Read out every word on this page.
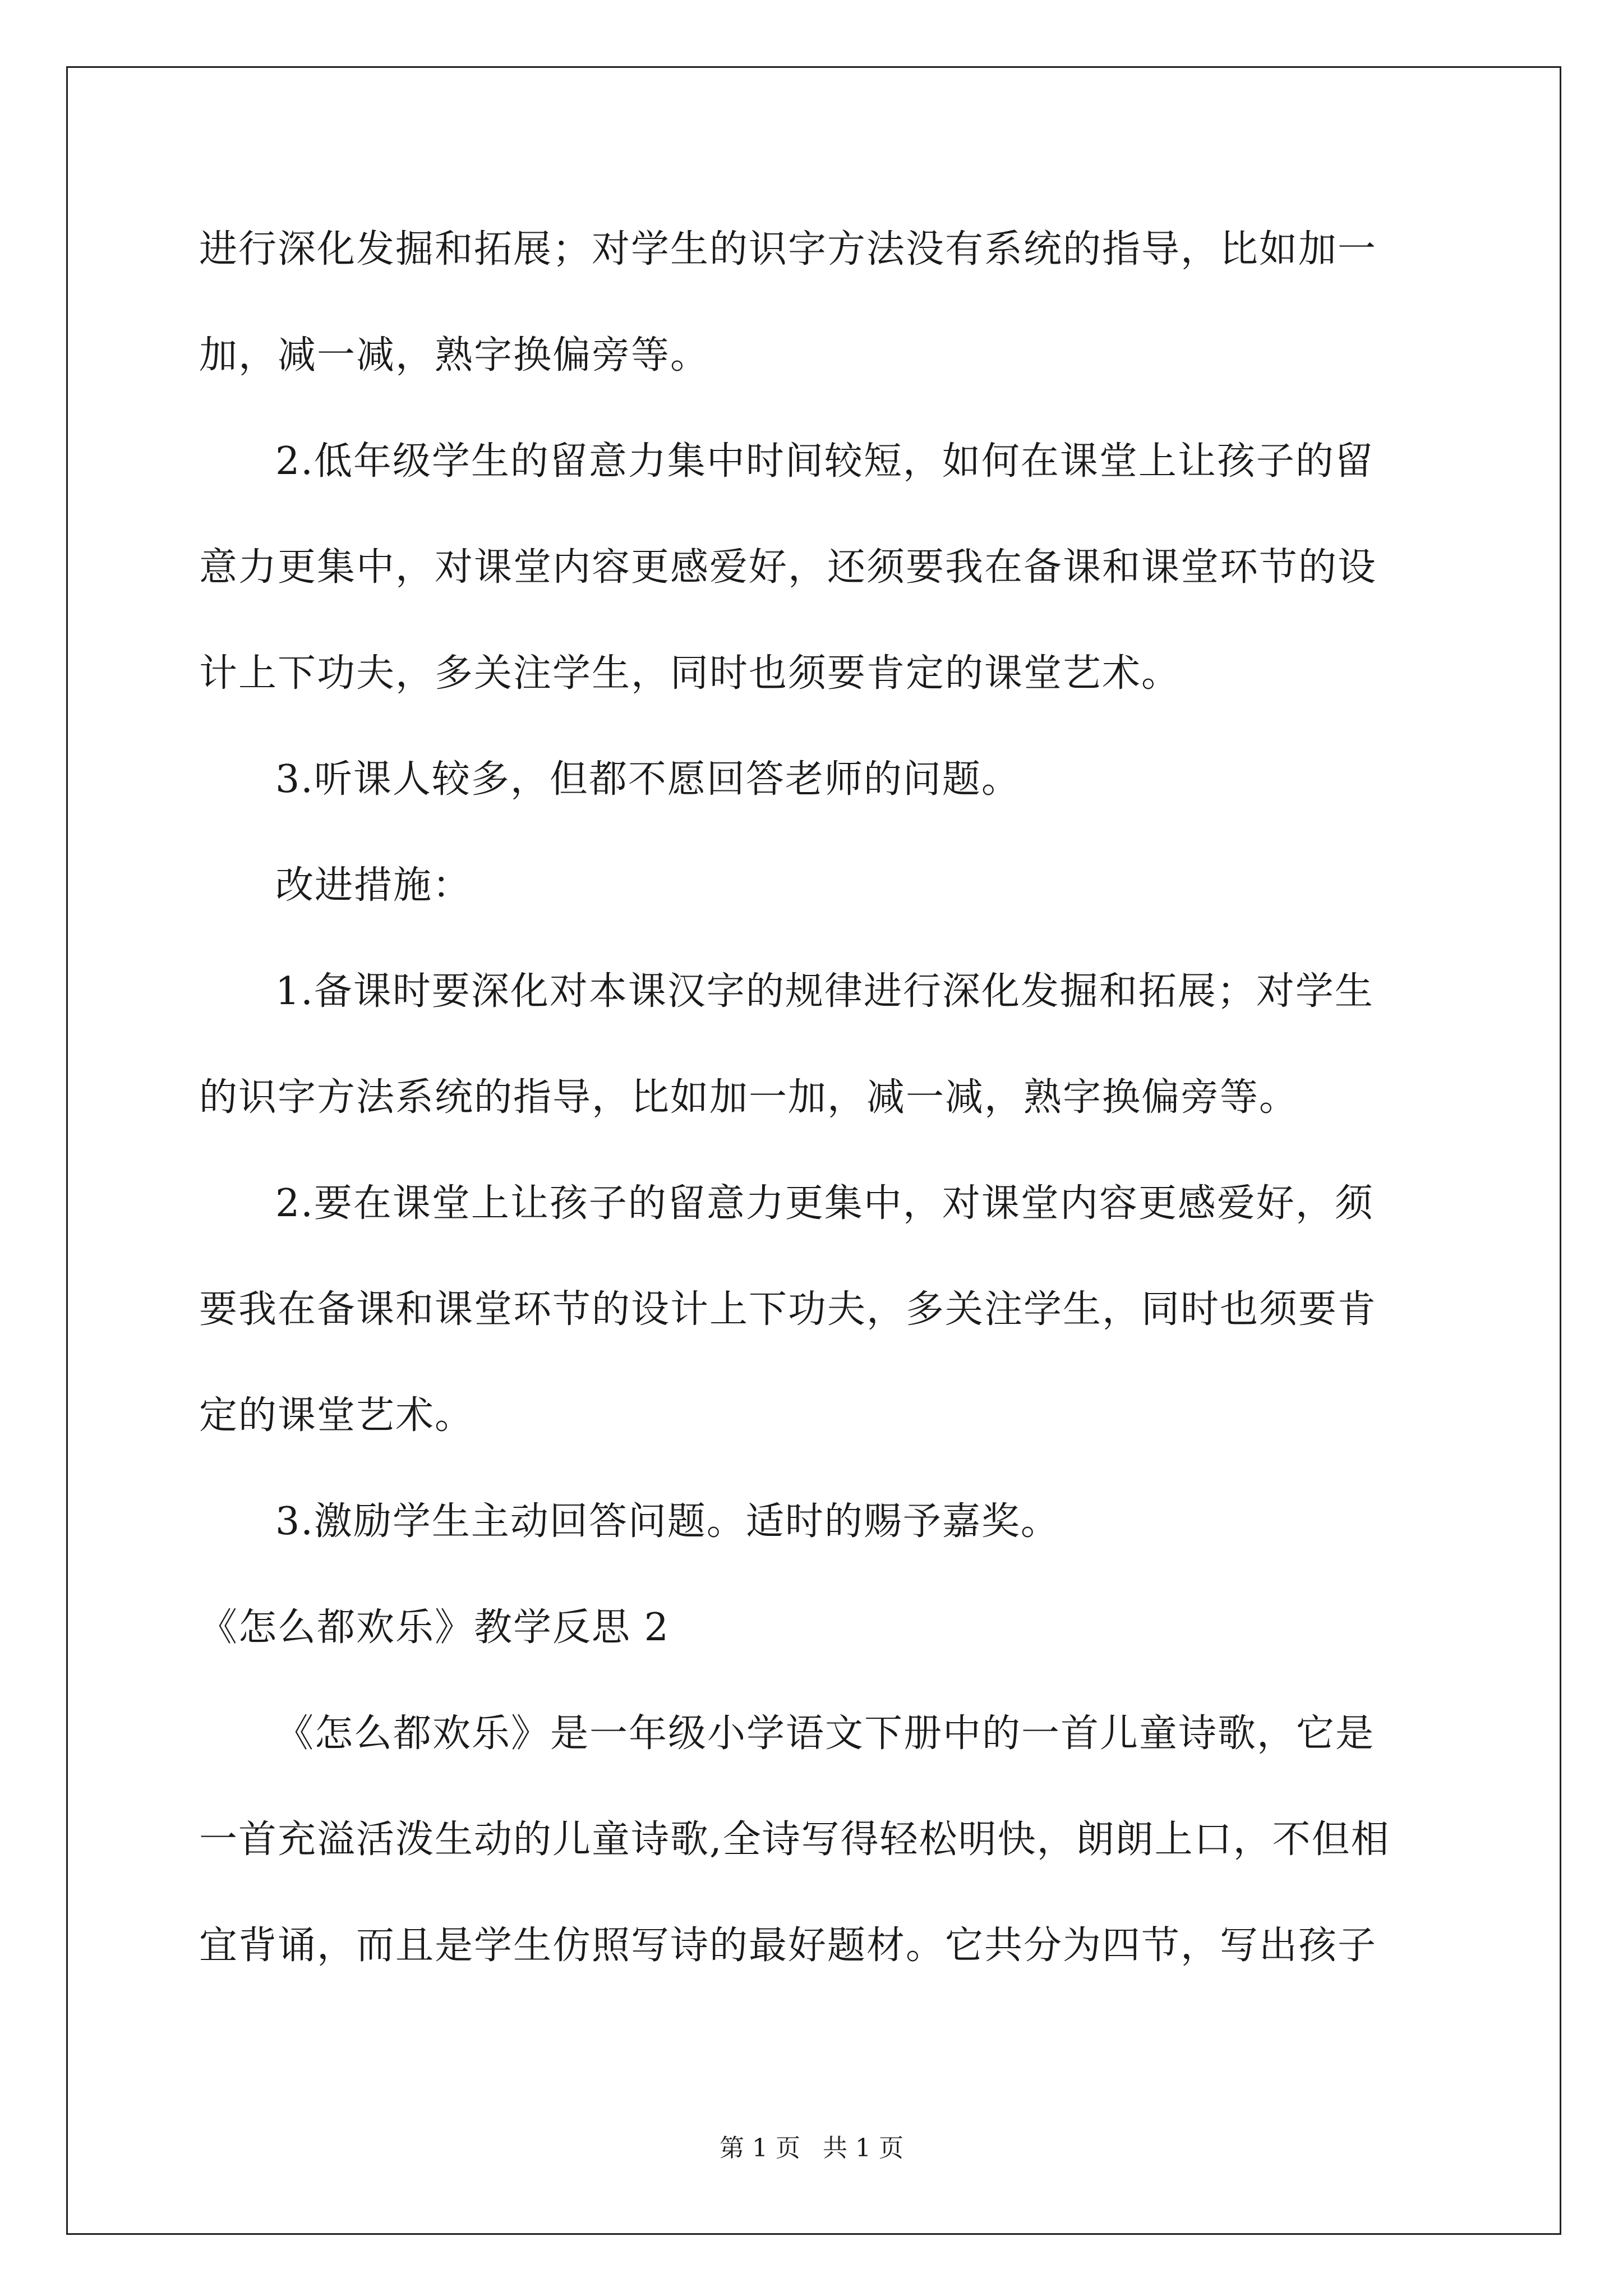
进行深化发掘和拓展；对学生的识字方法没有系统的指导，比如加一
加，减一减，熟字换偏旁等。
2.低年级学生的留意力集中时间较短，如何在课堂上让孩子的留
意力更集中，对课堂内容更感爱好，还须要我在备课和课堂环节的设
计上下功夫，多关注学生，同时也须要肯定的课堂艺术。
3.听课人较多，但都不愿回答老师的问题。
改进措施：
1.备课时要深化对本课汉字的规律进行深化发掘和拓展；对学生
的识字方法系统的指导，比如加一加，减一减，熟字换偏旁等。
2.要在课堂上让孩子的留意力更集中，对课堂内容更感爱好，须
要我在备课和课堂环节的设计上下功夫，多关注学生，同时也须要肯
定的课堂艺术。
3.激励学生主动回答问题。适时的赐予嘉奖。
《怎么都欢乐》教学反思 2
《怎么都欢乐》是一年级小学语文下册中的一首儿童诗歌，它是
一首充溢活泼生动的儿童诗歌,全诗写得轻松明快，朗朗上口，不但相
宜背诵，而且是学生仿照写诗的最好题材。它共分为四节，写出孩子
第 1 页 共 1 页
